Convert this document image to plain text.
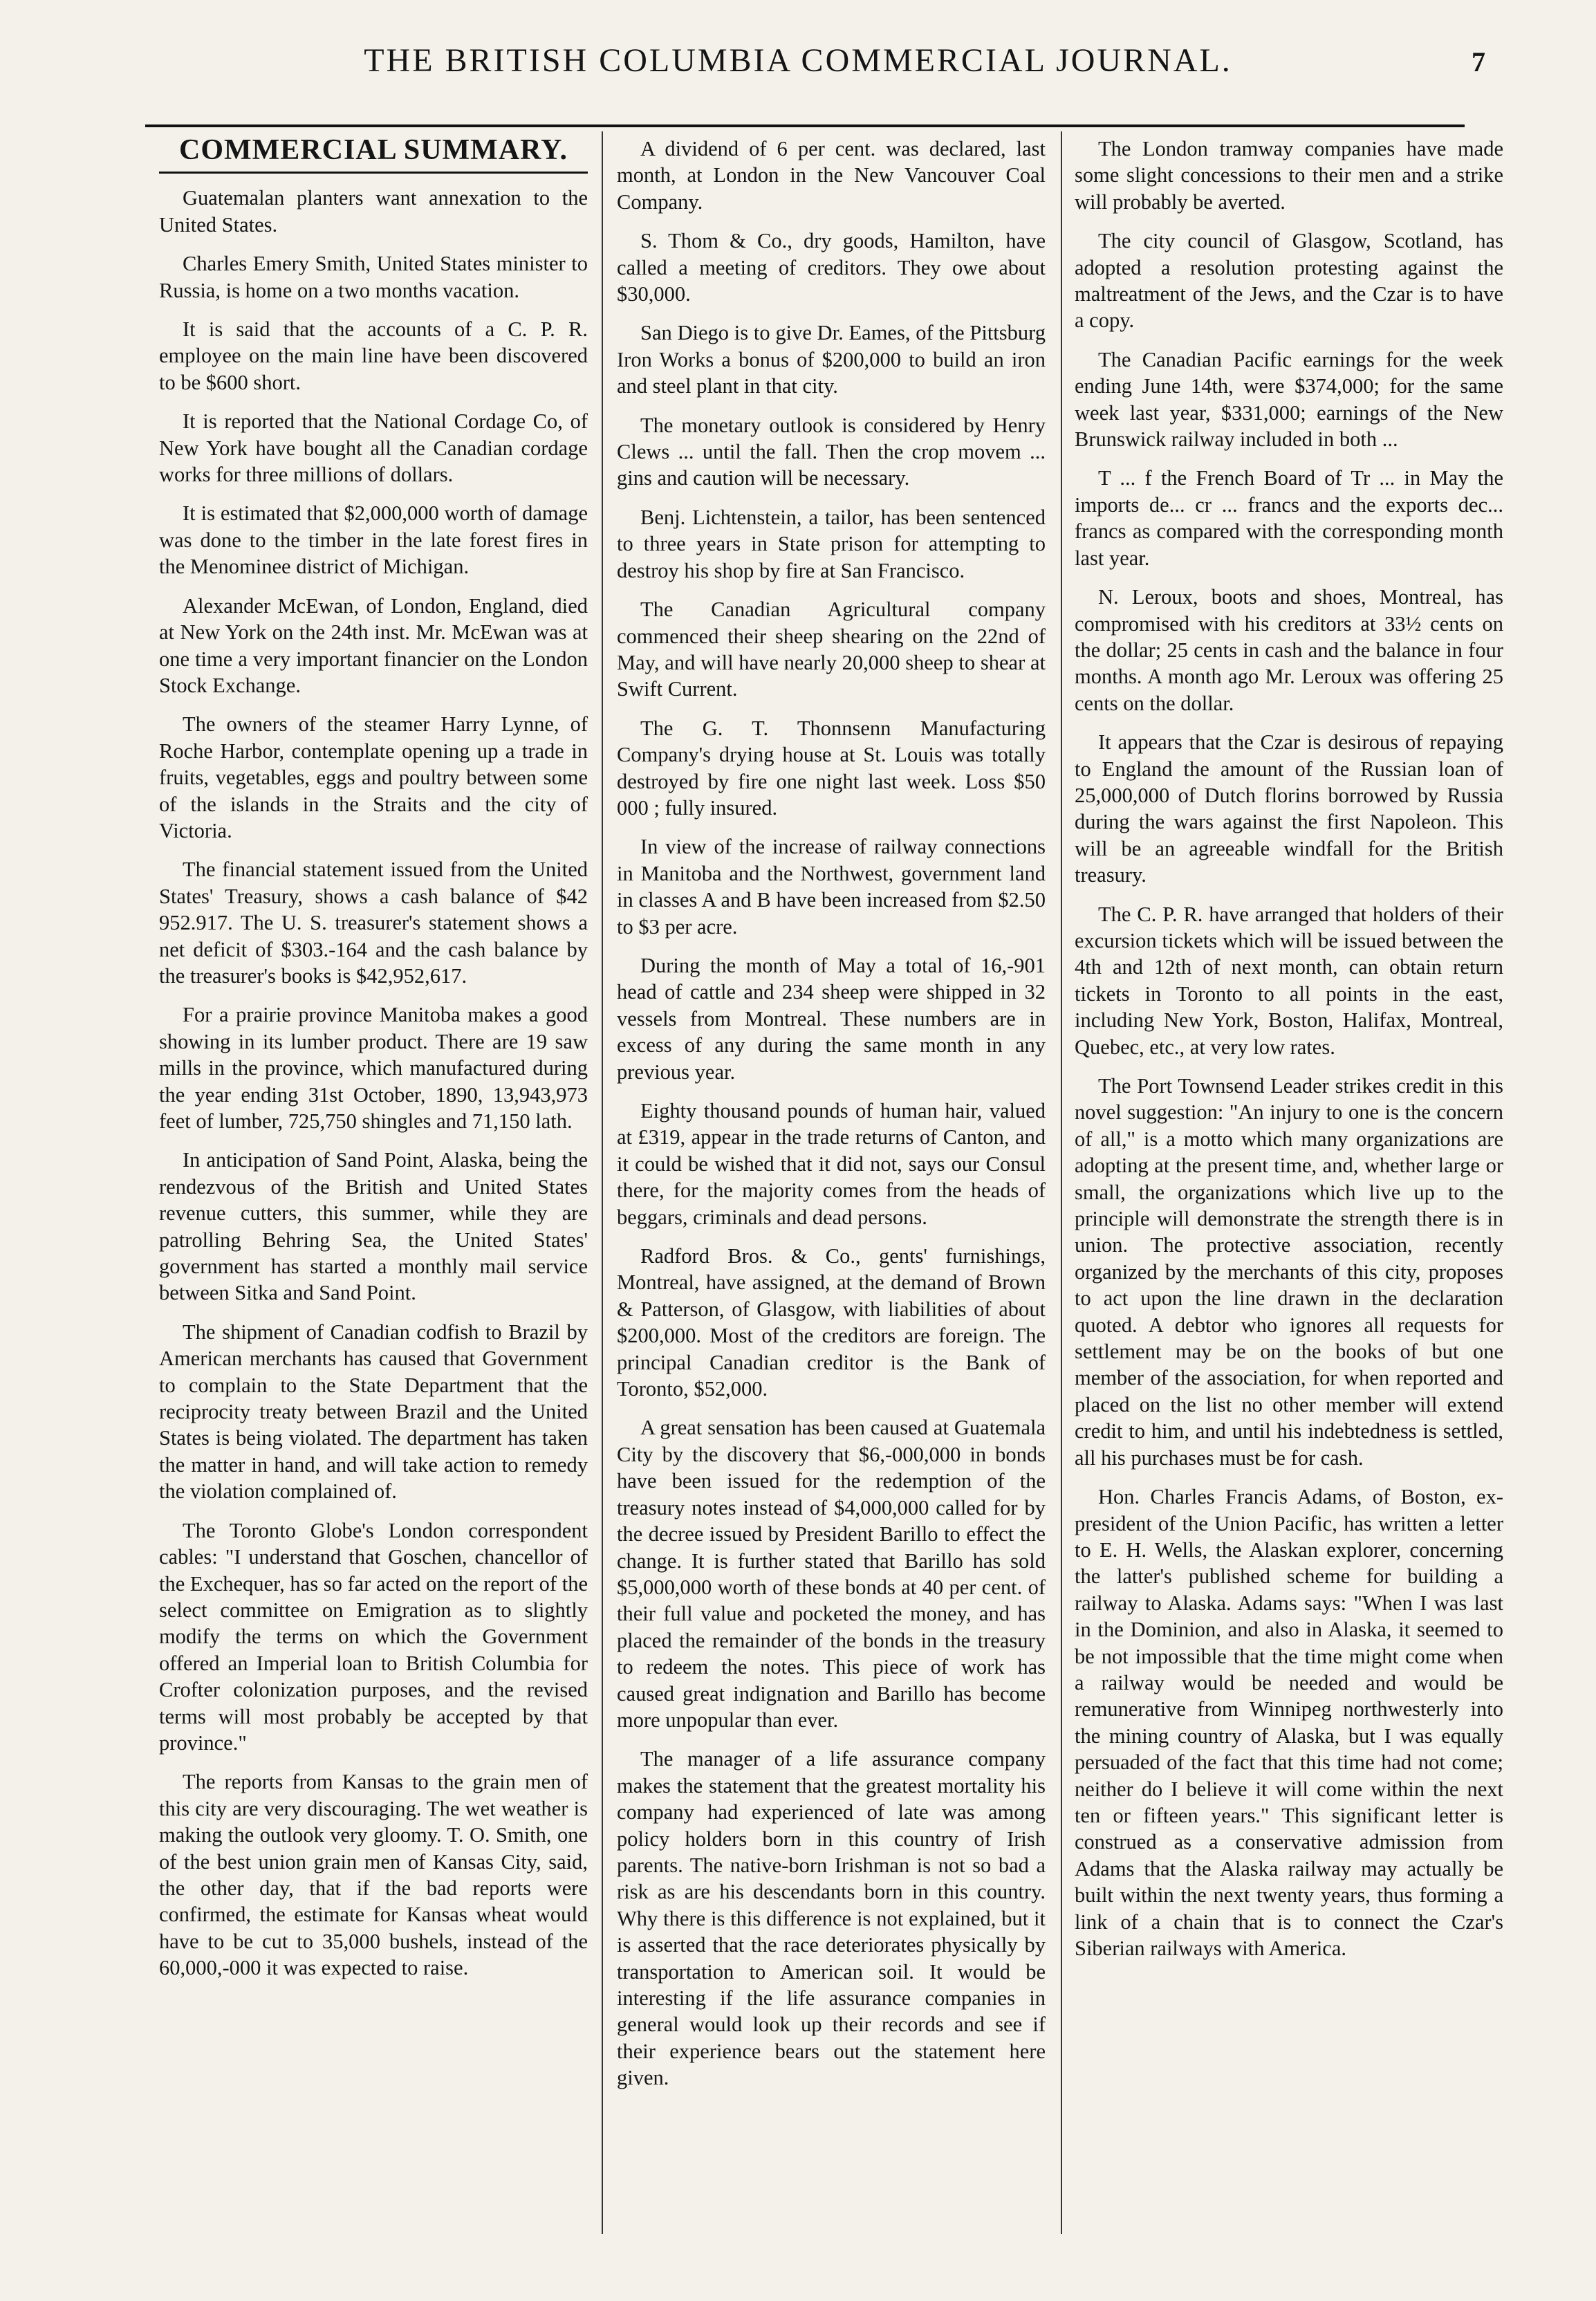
THE BRITISH COLUMBIA COMMERCIAL JOURNAL.	7
COMMERCIAL SUMMARY.

Guatemalan planters want annexation to the United States.

Charles Emery Smith, United States minister to Russia, is home on a two months vacation.

It is said that the accounts of a C. P. R. employee on the main line have been discovered to be $600 short.

It is reported that the National Cordage Co, of New York have bought all the Canadian cordage works for three millions of dollars.

It is estimated that $2,000,000 worth of damage was done to the timber in the late forest fires in the Menominee district of Michigan.

Alexander McEwan, of London, England, died at New York on the 24th inst. Mr. McEwan was at one time a very important financier on the London Stock Exchange.

The owners of the steamer Harry Lynne, of Roche Harbor, contemplate opening up a trade in fruits, vegetables, eggs and poultry between some of the islands in the Straits and the city of Victoria.

The financial statement issued from the United States' Treasury, shows a cash balance of $42 952.917. The U. S. treasurer's statement shows a net deficit of $303.-164 and the cash balance by the treasurer's books is $42,952,617.

For a prairie province Manitoba makes a good showing in its lumber product. There are 19 saw mills in the province, which manufactured during the year ending 31st October, 1890, 13,943,973 feet of lumber, 725,750 shingles and 71,150 lath.

In anticipation of Sand Point, Alaska, being the rendezvous of the British and United States revenue cutters, this summer, while they are patrolling Behring Sea, the United States' government has started a monthly mail service between Sitka and Sand Point.

The shipment of Canadian codfish to Brazil by American merchants has caused that Government to complain to the State Department that the reciprocity treaty between Brazil and the United States is being violated. The department has taken the matter in hand, and will take action to remedy the violation complained of.

The Toronto Globe's London correspondent cables: "I understand that Goschen, chancellor of the Exchequer, has so far acted on the report of the select committee on Emigration as to slightly modify the terms on which the Government offered an Imperial loan to British Columbia for Crofter colonization purposes, and the revised terms will most probably be accepted by that province."

The reports from Kansas to the grain men of this city are very discouraging. The wet weather is making the outlook very gloomy. T. O. Smith, one of the best union grain men of Kansas City, said, the other day, that if the bad reports were confirmed, the estimate for Kansas wheat would have to be cut to 35,000 bushels, instead of the 60,000,-000 it was expected to raise.

A dividend of 6 per cent. was declared, last month, at London in the New Vancouver Coal Company.

S. Thom & Co., dry goods, Hamilton, have called a meeting of creditors. They owe about $30,000.

San Diego is to give Dr. Eames, of the Pittsburg Iron Works a bonus of $200,000 to build an iron and steel plant in that city.

The monetary outlook is considered by Henry Clews ... until the fall. Then the crop movem ... gins and caution will be necessary.

Benj. Lichtenstein, a tailor, has been sentenced to three years in State prison for attempting to destroy his shop by fire at San Francisco.

The Canadian Agricultural company commenced their sheep shearing on the 22nd of May, and will have nearly 20,000 sheep to shear at Swift Current.

The G. T. Thonnsenn Manufacturing Company's drying house at St. Louis was totally destroyed by fire one night last week. Loss $50 000 ; fully insured.

In view of the increase of railway connections in Manitoba and the Northwest, government land in classes A and B have been increased from $2.50 to $3 per acre.

During the month of May a total of 16,-901 head of cattle and 234 sheep were shipped in 32 vessels from Montreal. These numbers are in excess of any during the same month in any previous year.

Eighty thousand pounds of human hair, valued at £319, appear in the trade returns of Canton, and it could be wished that it did not, says our Consul there, for the majority comes from the heads of beggars, criminals and dead persons.

Radford Bros. & Co., gents' furnishings, Montreal, have assigned, at the demand of Brown & Patterson, of Glasgow, with liabilities of about $200,000. Most of the creditors are foreign. The principal Canadian creditor is the Bank of Toronto, $52,000.

A great sensation has been caused at Guatemala City by the discovery that $6,-000,000 in bonds have been issued for the redemption of the treasury notes instead of $4,000,000 called for by the decree issued by President Barillo to effect the change. It is further stated that Barillo has sold $5,000,000 worth of these bonds at 40 per cent. of their full value and pocketed the money, and has placed the remainder of the bonds in the treasury to redeem the notes. This piece of work has caused great indignation and Barillo has become more unpopular than ever.

The manager of a life assurance company makes the statement that the greatest mortality his company had experienced of late was among policy holders born in this country of Irish parents. The native-born Irishman is not so bad a risk as are his descendants born in this country. Why there is this difference is not explained, but it is asserted that the race deteriorates physically by transportation to American soil. It would be interesting if the life assurance companies in general would look up their records and see if their experience bears out the statement here given.

The London tramway companies have made some slight concessions to their men and a strike will probably be averted.

The city council of Glasgow, Scotland, has adopted a resolution protesting against the maltreatment of the Jews, and the Czar is to have a copy.

The Canadian Pacific earnings for the week ending June 14th, were $374,000; for the same week last year, $331,000; earnings of the New Brunswick railway included in both ...

T ... f the French Board of Tr ... in May the imports de... cr ... francs and the exports dec... francs as compared with the corresponding month last year.

N. Leroux, boots and shoes, Montreal, has compromised with his creditors at 33½ cents on the dollar; 25 cents in cash and the balance in four months. A month ago Mr. Leroux was offering 25 cents on the dollar.

It appears that the Czar is desirous of repaying to England the amount of the Russian loan of 25,000,000 of Dutch florins borrowed by Russia during the wars against the first Napoleon. This will be an agreeable windfall for the British treasury.

The C. P. R. have arranged that holders of their excursion tickets which will be issued between the 4th and 12th of next month, can obtain return tickets in Toronto to all points in the east, including New York, Boston, Halifax, Montreal, Quebec, etc., at very low rates.

The Port Townsend Leader strikes credit in this novel suggestion: "An injury to one is the concern of all," is a motto which many organizations are adopting at the present time, and, whether large or small, the organizations which live up to the principle will demonstrate the strength there is in union. The protective association, recently organized by the merchants of this city, proposes to act upon the line drawn in the declaration quoted. A debtor who ignores all requests for settlement may be on the books of but one member of the association, for when reported and placed on the list no other member will extend credit to him, and until his indebtedness is settled, all his purchases must be for cash.

Hon. Charles Francis Adams, of Boston, ex-president of the Union Pacific, has written a letter to E. H. Wells, the Alaskan explorer, concerning the latter's published scheme for building a railway to Alaska. Adams says: "When I was last in the Dominion, and also in Alaska, it seemed to be not impossible that the time might come when a railway would be needed and would be remunerative from Winnipeg northwesterly into the mining country of Alaska, but I was equally persuaded of the fact that this time had not come; neither do I believe it will come within the next ten or fifteen years." This significant letter is construed as a conservative admission from Adams that the Alaska railway may actually be built within the next twenty years, thus forming a link of a chain that is to connect the Czar's Siberian railways with America.
